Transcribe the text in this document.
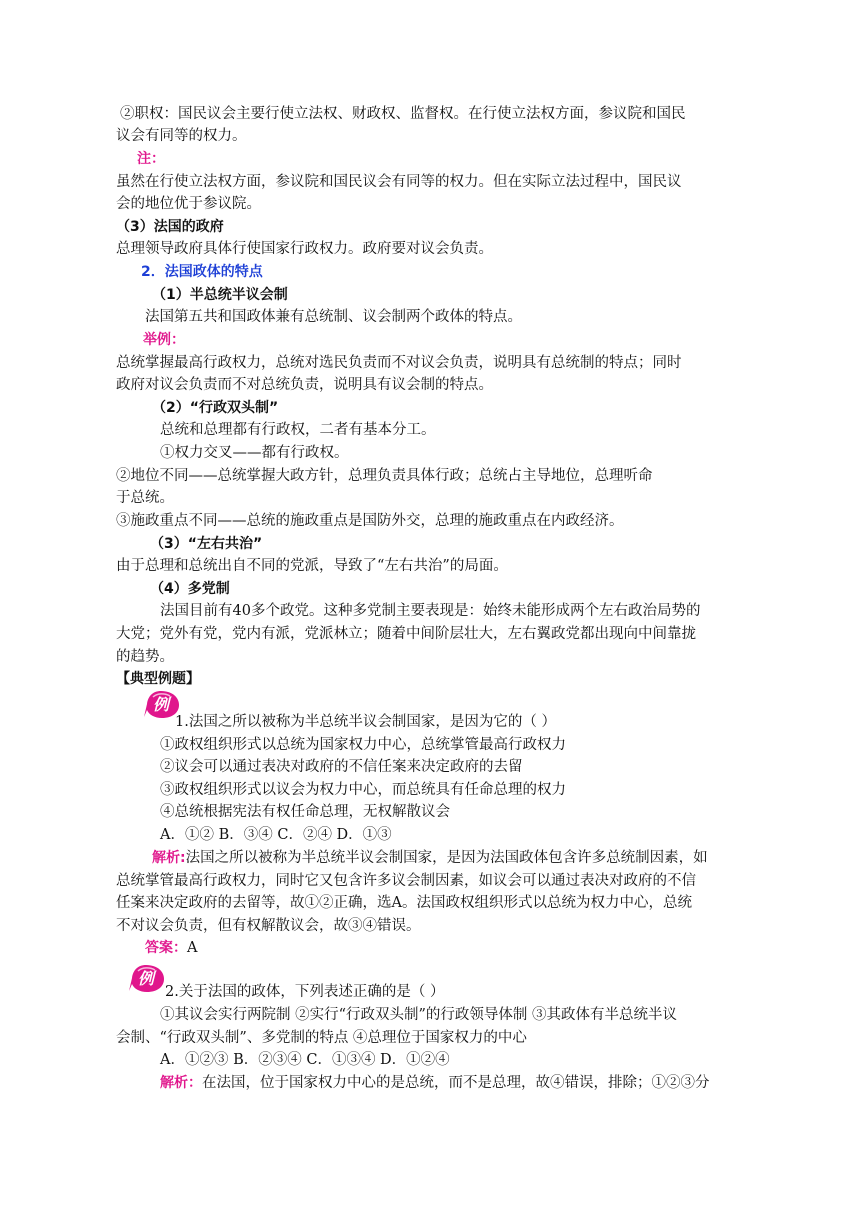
②职权：国民议会主要行使立法权、财政权、监督权。在行使立法权方面，参议院和国民
议会有同等的权力。
注：
虽然在行使立法权方面，参议院和国民议会有同等的权力。但在实际立法过程中，国民议
会的地位优于参议院。
（3）法国的政府
总理领导政府具体行使国家行政权力。政府要对议会负责。
2．法国政体的特点
（1）半总统半议会制
法国第五共和国政体兼有总统制、议会制两个政体的特点。
举例：
总统掌握最高行政权力，总统对选民负责而不对议会负责，说明具有总统制的特点；同时
政府对议会负责而不对总统负责，说明具有议会制的特点。
（2）“行政双头制”
总统和总理都有行政权，二者有基本分工。
①权力交叉——都有行政权。
②地位不同——总统掌握大政方针，总理负责具体行政；总统占主导地位，总理听命
于总统。
③施政重点不同——总统的施政重点是国防外交，总理的施政重点在内政经济。
（3）“左右共治”
由于总理和总统出自不同的党派，导致了“左右共治”的局面。
（4）多党制
法国目前有40多个政党。这种多党制主要表现是：始终未能形成两个左右政治局势的
大党；党外有党，党内有派，党派林立；随着中间阶层壮大，左右翼政党都出现向中间靠拢
的趋势。
【典型例题】
1.法国之所以被称为半总统半议会制国家，是因为它的（ ）
①政权组织形式以总统为国家权力中心，总统掌管最高行政权力
②议会可以通过表决对政府的不信任案来决定政府的去留
③政权组织形式以议会为权力中心，而总统具有任命总理的权力
④总统根据宪法有权任命总理，无权解散议会
A．①② B．③④ C．②④ D．①③
解析:法国之所以被称为半总统半议会制国家，是因为法国政体包含许多总统制因素，如
总统掌管最高行政权力，同时它又包含许多议会制因素，如议会可以通过表决对政府的不信
任案来决定政府的去留等，故①②正确，选A。法国政权组织形式以总统为权力中心，总统
不对议会负责，但有权解散议会，故③④错误。
答案：A
2.关于法国的政体，下列表述正确的是（ ）
①其议会实行两院制 ②实行“行政双头制”的行政领导体制 ③其政体有半总统半议
会制、“行政双头制”、多党制的特点 ④总理位于国家权力的中心
A．①②③ B．②③④ C．①③④ D．①②④
解析：在法国，位于国家权力中心的是总统，而不是总理，故④错误，排除；①②③分
例
例
